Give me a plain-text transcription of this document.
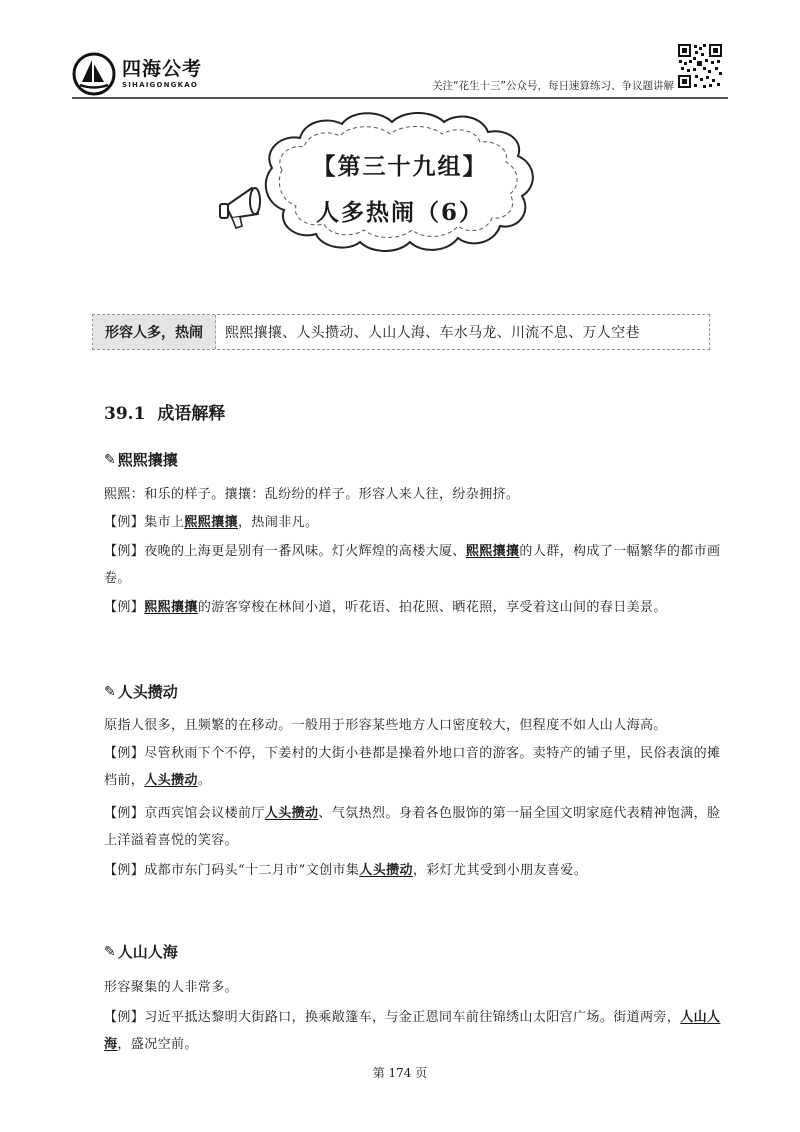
四海公考
SIHAIGONGKAO	关注“花生十三”公众号，每日速算练习、争议题讲解
【第三十九组】
人多热闹（6）
形容人多，热闹	熙熙攘攘、人头攒动、人山人海、车水马龙、川流不息、万人空巷
39.1 成语解释
✎ 熙熙攘攘
熙熙：和乐的样子。攘攘：乱纷纷的样子。形容人来人往，纷杂拥挤。
【例】集市上熙熙攘攘，热闹非凡。
【例】夜晚的上海更是别有一番风味。灯火辉煌的高楼大厦、熙熙攘攘的人群，构成了一幅繁华的都市画卷。
【例】熙熙攘攘的游客穿梭在林间小道，听花语、拍花照、晒花照，享受着这山间的春日美景。
✎ 人头攒动
原指人很多，且频繁的在移动。一般用于形容某些地方人口密度较大，但程度不如人山人海高。
【例】尽管秋雨下个不停，下姜村的大街小巷都是操着外地口音的游客。卖特产的铺子里，民俗表演的摊档前，人头攒动。
【例】京西宾馆会议楼前厅人头攒动、气氛热烈。身着各色服饰的第一届全国文明家庭代表精神饱满，脸上洋溢着喜悦的笑容。
【例】成都市东门码头“十二月市”文创市集人头攒动，彩灯尤其受到小朋友喜爱。
✎ 人山人海
形容聚集的人非常多。
【例】习近平抵达黎明大街路口，换乘敞篷车，与金正恩同车前往锦绣山太阳宫广场。街道两旁，人山人海，盛况空前。
第 174 页
